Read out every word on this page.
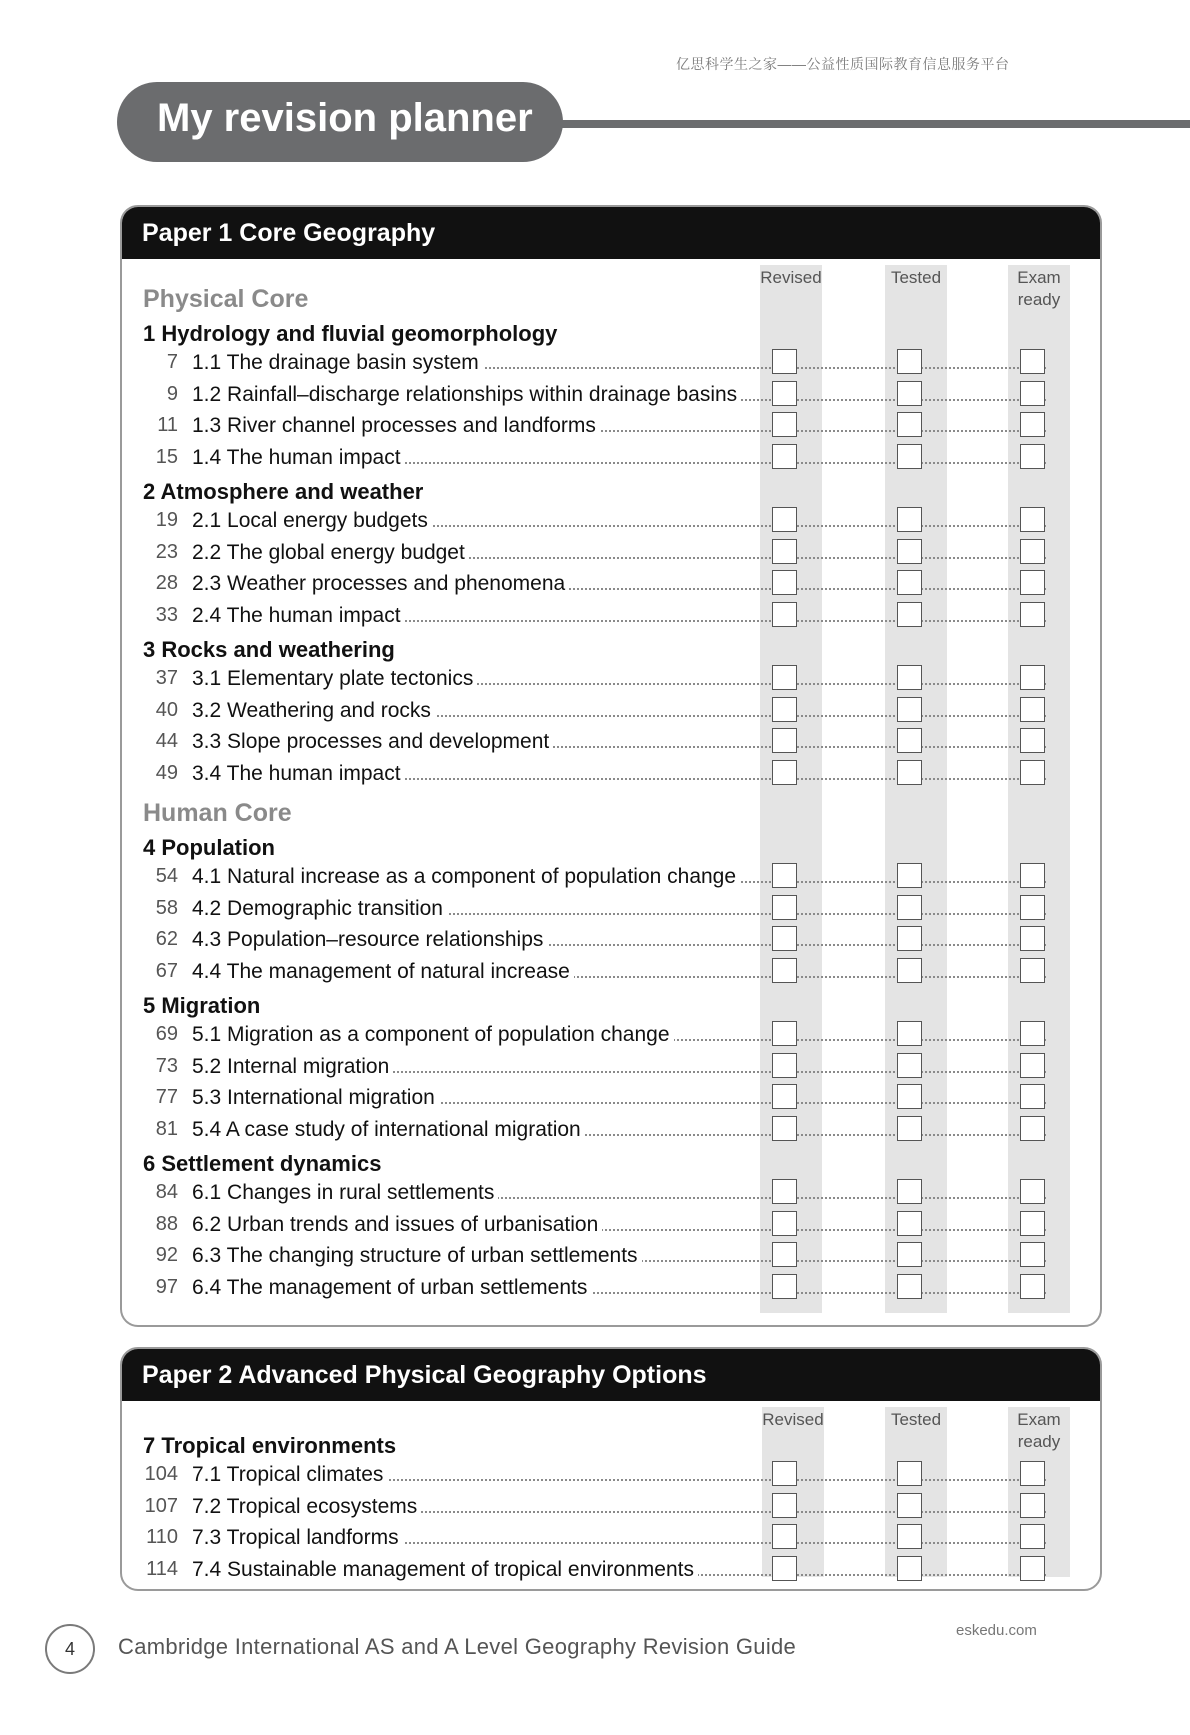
亿思科学生之家——公益性质国际教育信息服务平台
My revision planner
Paper 1 Core Geography
Revised	Tested	Exam
ready
Physical Core
1 Hydrology and fluvial geomorphology
2 Atmosphere and weather
3 Rocks and weathering
Human Core
4 Population
5 Migration
6 Settlement dynamics
7 1.1 The drainage basin system
9 1.2 Rainfall–discharge relationships within drainage basins
11 1.3 River channel processes and landforms
15 1.4 The human impact
19 2.1 Local energy budgets
23 2.2 The global energy budget
28 2.3 Weather processes and phenomena
33 2.4 The human impact
37 3.1 Elementary plate tectonics
40 3.2 Weathering and rocks
44 3.3 Slope processes and development
49 3.4 The human impact
54 4.1 Natural increase as a component of population change
58 4.2 Demographic transition
62 4.3 Population–resource relationships
67 4.4 The management of natural increase
69 5.1 Migration as a component of population change
73 5.2 Internal migration
77 5.3 International migration
81 5.4 A case study of international migration
84 6.1 Changes in rural settlements
88 6.2 Urban trends and issues of urbanisation
92 6.3 The changing structure of urban settlements
97 6.4 The management of urban settlements
Paper 2 Advanced Physical Geography Options
Revised	Tested	Exam
ready
7 Tropical environments
104 7.1 Tropical climates
107 7.2 Tropical ecosystems
110 7.3 Tropical landforms
114 7.4 Sustainable management of tropical environments
4	Cambridge International AS and A Level Geography Revision Guide
eskedu.com
